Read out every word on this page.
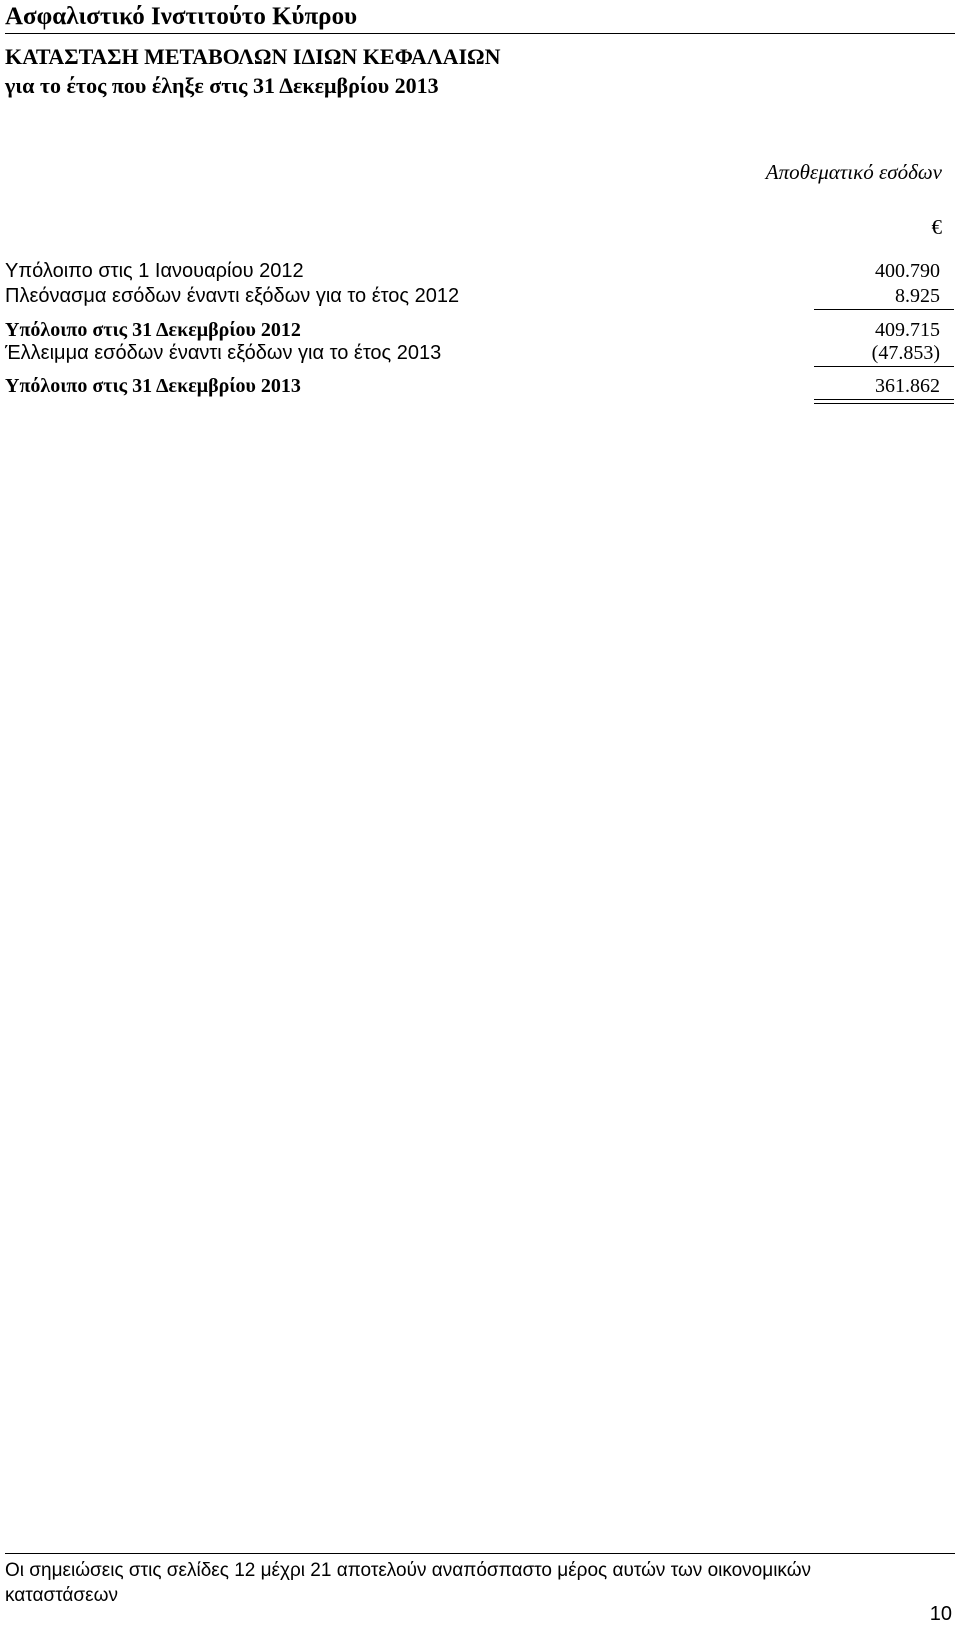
Ασφαλιστικό Ινστιτούτο Κύπρου
ΚΑΤΑΣΤΑΣΗ ΜΕΤΑΒΟΛΩΝ ΙΔΙΩΝ ΚΕΦΑΛΑΙΩΝ
για το έτος που έληξε στις 31 Δεκεμβρίου 2013
Αποθεματικό εσόδων
€
Υπόλοιπο στις 1 Ιανουαρίου 2012	400.790
Πλεόνασμα εσόδων έναντι εξόδων για το έτος 2012	8.925
Υπόλοιπο στις 31 Δεκεμβρίου 2012	409.715
Έλλειμμα εσόδων έναντι εξόδων για το έτος 2013	(47.853)
Υπόλοιπο στις 31 Δεκεμβρίου 2013	361.862
Οι σημειώσεις στις σελίδες 12 μέχρι 21 αποτελούν αναπόσπαστο μέρος αυτών των οικονομικών καταστάσεων
10
